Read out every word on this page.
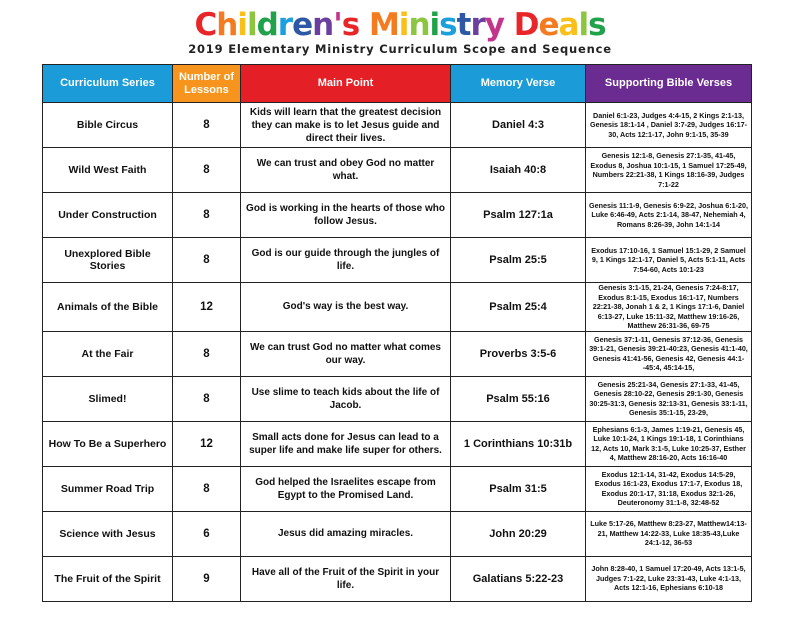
Children's Ministry Deals
2019 Elementary Ministry Curriculum Scope and Sequence
Curriculum Series	Number of Lessons	Main Point	Memory Verse	Supporting Bible Verses
Bible Circus	8	Kids will learn that the greatest decision they can make is to let Jesus guide and direct their lives.	Daniel 4:3	Daniel 6:1-23, Judges 4:4-15, 2 Kings 2:1-13, Genesis 18:1-14 , Daniel 3:7-29, Judges 16:17-30, Acts 12:1-17, John 9:1-15, 35-39
Wild West Faith	8	We can trust and obey God no matter what.	Isaiah 40:8	Genesis 12:1-8, Genesis 27:1-35, 41-45, Exodus 8, Joshua 10:1-15, 1 Samuel 17:25-49, Numbers 22:21-38, 1 Kings 18:16-39, Judges 7:1-22
Under Construction	8	God is working in the hearts of those who follow Jesus.	Psalm 127:1a	Genesis 11:1-9, Genesis 6:9-22, Joshua 6:1-20, Luke 6:46-49, Acts 2:1-14, 38-47, Nehemiah 4, Romans 8:26-39, John 14:1-14
Unexplored Bible Stories	8	God is our guide through the jungles of life.	Psalm 25:5	Exodus 17:10-16, 1 Samuel 15:1-29, 2 Samuel 9, 1 Kings 12:1-17, Daniel 5, Acts 5:1-11, Acts 7:54-60, Acts 10:1-23
Animals of the Bible	12	God's way is the best way.	Psalm 25:4	Genesis 3:1-15, 21-24, Genesis 7:24-8:17, Exodus 8:1-15, Exodus 16:1-17, Numbers 22:21-38, Jonah 1 & 2, 1 Kings 17:1-6, Daniel 6:13-27, Luke 15:11-32, Matthew 19:16-26, Matthew 26:31-36, 69-75
At the Fair	8	We can trust God no matter what comes our way.	Proverbs 3:5-6	Genesis 37:1-11, Genesis 37:12-36, Genesis 39:1-21, Genesis 39:21-40:23, Genesis 41:1-40, Genesis 41:41-56, Genesis 42, Genesis 44:1--45:4, 45:14-15,
Slimed!	8	Use slime to teach kids about the life of Jacob.	Psalm 55:16	Genesis 25:21-34, Genesis 27:1-33, 41-45, Genesis 28:10-22, Genesis 29:1-30, Genesis 30:25-31:3, Genesis 32:13-31, Genesis 33:1-11, Genesis 35:1-15, 23-29,
How To Be a Superhero	12	Small acts done for Jesus can lead to a super life and make life super for others.	1 Corinthians 10:31b	Ephesians 6:1-3, James 1:19-21, Genesis 45, Luke 10:1-24, 1 Kings 19:1-18, 1 Corinthians 12, Acts 10, Mark 3:1-5, Luke 10:25-37, Esther 4, Matthew 28:16-20, Acts 16:16-40
Summer Road Trip	8	God helped the Israelites escape from Egypt to the Promised Land.	Psalm 31:5	Exodus 12:1-14, 31-42, Exodus 14:5-29, Exodus 16:1-23, Exodus 17:1-7, Exodus 18, Exodus 20:1-17, 31:18, Exodus 32:1-26, Deuteronomy 31:1-8, 32:48-52
Science with Jesus	6	Jesus did amazing miracles.	John 20:29	Luke 5:17-26, Matthew 8:23-27, Matthew14:13-21, Matthew 14:22-33, Luke 18:35-43,Luke 24:1-12, 36-53
The Fruit of the Spirit	9	Have all of the Fruit of the Spirit in your life.	Galatians 5:22-23	John 8:28-40, 1 Samuel 17:20-49, Acts 13:1-5, Judges 7:1-22, Luke 23:31-43, Luke 4:1-13, Acts 12:1-16, Ephesians 6:10-18
